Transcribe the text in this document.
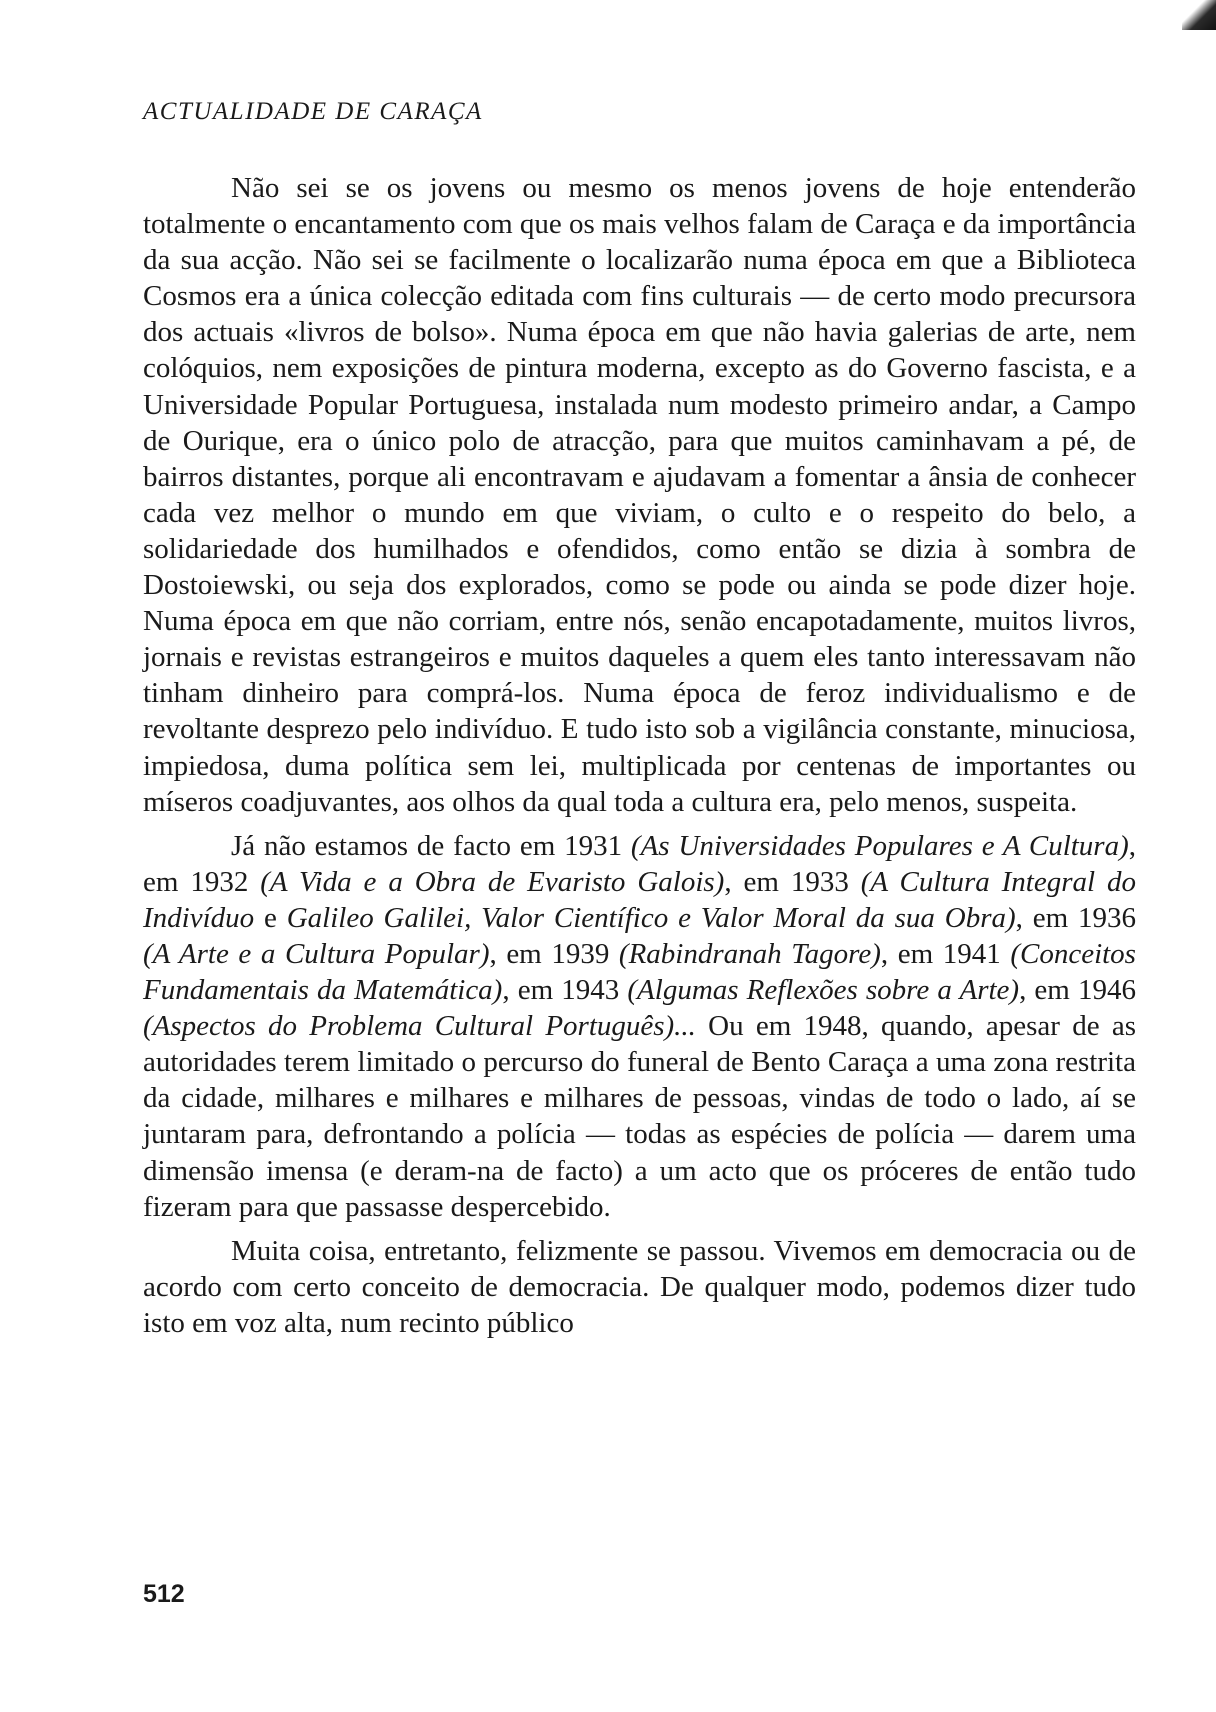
ACTUALIDADE DE CARAÇA

Não sei se os jovens ou mesmo os menos jovens de hoje entenderão totalmente o encantamento com que os mais velhos falam de Caraça e da importância da sua acção. Não sei se facilmente o localizarão numa época em que a Biblioteca Cosmos era a única colecção editada com fins culturais — de certo modo precursora dos actuais «livros de bolso». Numa época em que não havia galerias de arte, nem colóquios, nem exposições de pintura moderna, excepto as do Governo fascista, e a Universidade Popular Portuguesa, instalada num modesto primeiro andar, a Campo de Ourique, era o único polo de atracção, para que muitos caminhavam a pé, de bairros distantes, porque ali encontravam e ajudavam a fomentar a ânsia de conhecer cada vez melhor o mundo em que viviam, o culto e o respeito do belo, a solidariedade dos humilhados e ofendidos, como então se dizia à sombra de Dostoiewski, ou seja dos explorados, como se pode ou ainda se pode dizer hoje. Numa época em que não corriam, entre nós, senão encapotadamente, muitos livros, jornais e revistas estrangeiros e muitos daqueles a quem eles tanto interessavam não tinham dinheiro para comprá-los. Numa época de feroz individualismo e de revoltante desprezo pelo indivíduo. E tudo isto sob a vigilância constante, minuciosa, impiedosa, duma política sem lei, multiplicada por centenas de importantes ou míseros coadjuvantes, aos olhos da qual toda a cultura era, pelo menos, suspeita.

Já não estamos de facto em 1931 (As Universidades Populares e A Cultura), em 1932 (A Vida e a Obra de Evaristo Galois), em 1933 (A Cultura Integral do Indivíduo e Galileo Galilei, Valor Científico e Valor Moral da sua Obra), em 1936 (A Arte e a Cultura Popular), em 1939 (Rabindranah Tagore), em 1941 (Conceitos Fundamentais da Matemática), em 1943 (Algumas Reflexões sobre a Arte), em 1946 (Aspectos do Problema Cultural Português)... Ou em 1948, quando, apesar de as autoridades terem limitado o percurso do funeral de Bento Caraça a uma zona restrita da cidade, milhares e milhares e milhares de pessoas, vindas de todo o lado, aí se juntaram para, defrontando a polícia — todas as espécies de polícia — darem uma dimensão imensa (e deram-na de facto) a um acto que os próceres de então tudo fizeram para que passasse despercebido.

Muita coisa, entretanto, felizmente se passou. Vivemos em democracia ou de acordo com certo conceito de democracia. De qualquer modo, podemos dizer tudo isto em voz alta, num recinto público

512
